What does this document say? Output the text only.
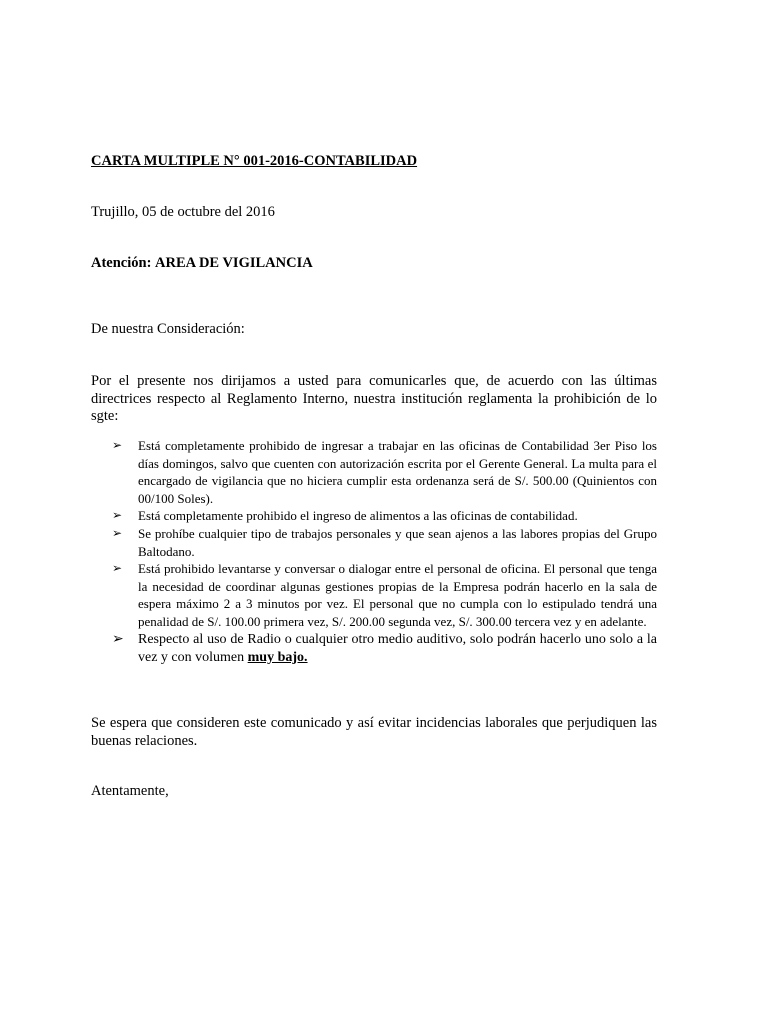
CARTA MULTIPLE N° 001-2016-CONTABILIDAD
Trujillo, 05 de octubre del 2016
Atención: AREA DE VIGILANCIA
De nuestra Consideración:
Por el presente nos dirijamos a usted para comunicarles que, de acuerdo con las últimas directrices respecto al Reglamento Interno, nuestra institución reglamenta la prohibición de lo sgte:
➢	Está completamente prohibido de ingresar a trabajar en las oficinas de Contabilidad 3er Piso los días domingos, salvo que cuenten con autorización escrita por el Gerente General. La multa para el encargado de vigilancia que no hiciera cumplir esta ordenanza será de S/. 500.00 (Quinientos con 00/100 Soles).
➢	Está completamente prohibido el ingreso de alimentos a las oficinas de contabilidad.
➢	Se prohíbe cualquier tipo de trabajos personales y que sean ajenos a las labores propias del Grupo Baltodano.
➢	Está prohibido levantarse y conversar o dialogar entre el personal de oficina. El personal que tenga la necesidad de coordinar algunas gestiones propias de la Empresa podrán hacerlo en la sala de espera máximo 2 a 3 minutos por vez. El personal que no cumpla con lo estipulado tendrá una penalidad de S/. 100.00 primera vez, S/. 200.00 segunda vez, S/. 300.00 tercera vez y en adelante.
➢ Respecto al uso de Radio o cualquier otro medio auditivo, solo podrán hacerlo uno solo a la vez y con volumen muy bajo.
Se espera que consideren este comunicado y así evitar incidencias laborales que perjudiquen las buenas relaciones.
Atentamente,
